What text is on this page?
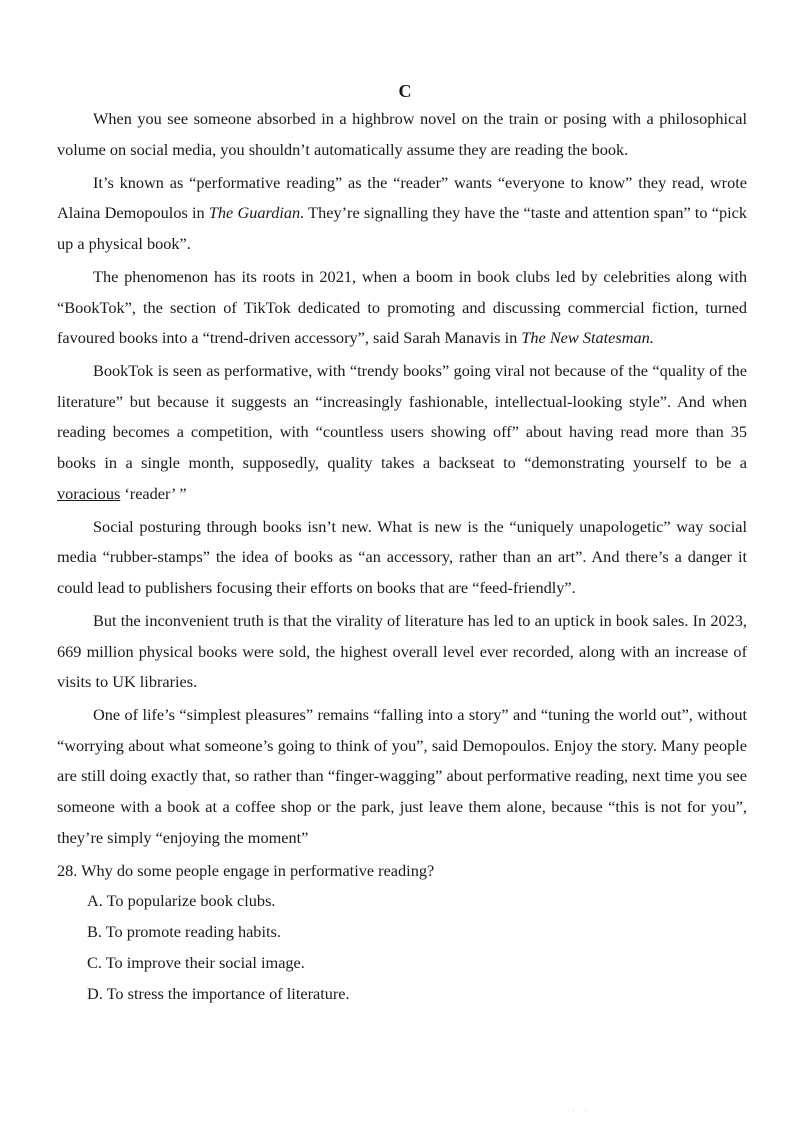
C

When you see someone absorbed in a highbrow novel on the train or posing with a philosophical volume on social media, you shouldn’t automatically assume they are reading the book.

It’s known as “performative reading” as the “reader” wants “everyone to know” they read, wrote Alaina Demopoulos in The Guardian. They’re signalling they have the “taste and attention span” to “pick up a physical book”.

The phenomenon has its roots in 2021, when a boom in book clubs led by celebrities along with “BookTok”, the section of TikTok dedicated to promoting and discussing commercial fiction, turned favoured books into a “trend-driven accessory”, said Sarah Manavis in The New Statesman.

BookTok is seen as performative, with “trendy books” going viral not because of the “quality of the literature” but because it suggests an “increasingly fashionable, intellectual-looking style”. And when reading becomes a competition, with “countless users showing off” about having read more than 35 books in a single month, supposedly, quality takes a backseat to “demonstrating yourself to be a voracious ‘reader’ ”

Social posturing through books isn’t new. What is new is the “uniquely unapologetic” way social media “rubber-stamps” the idea of books as “an accessory, rather than an art”. And there’s a danger it could lead to publishers focusing their efforts on books that are “feed-friendly”.

But the inconvenient truth is that the virality of literature has led to an uptick in book sales. In 2023, 669 million physical books were sold, the highest overall level ever recorded, along with an increase of visits to UK libraries.

One of life’s “simplest pleasures” remains “falling into a story” and “tuning the world out”, without “worrying about what someone’s going to think of you”, said Demopoulos. Enjoy the story. Many people are still doing exactly that, so rather than “finger-wagging” about performative reading, next time you see someone with a book at a coffee shop or the park, just leave them alone, because “this is not for you”, they’re simply “enjoying the moment”

28. Why do some people engage in performative reading?
A. To popularize book clubs.
B. To promote reading habits.
C. To improve their social image.
D. To stress the importance of literature.
· ·
